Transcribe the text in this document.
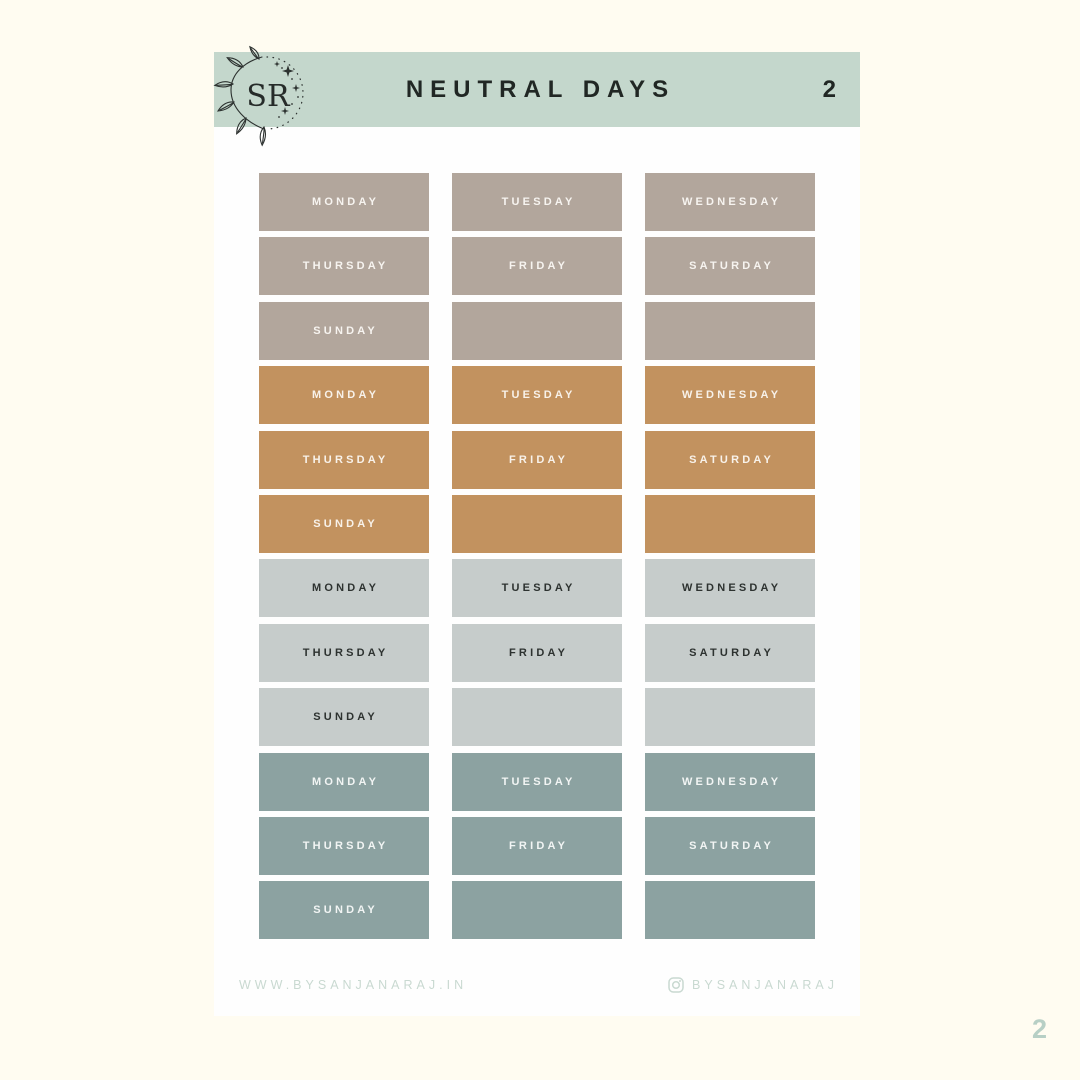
SR	NEUTRAL DAYS	2
MONDAY	TUESDAY	WEDNESDAY
THURSDAY	FRIDAY	SATURDAY
SUNDAY
MONDAY	TUESDAY	WEDNESDAY
THURSDAY	FRIDAY	SATURDAY
SUNDAY
MONDAY	TUESDAY	WEDNESDAY
THURSDAY	FRIDAY	SATURDAY
SUNDAY
MONDAY	TUESDAY	WEDNESDAY
THURSDAY	FRIDAY	SATURDAY
SUNDAY
WWW.BYSANJANARAJ.IN	BYSANJANARAJ
2
